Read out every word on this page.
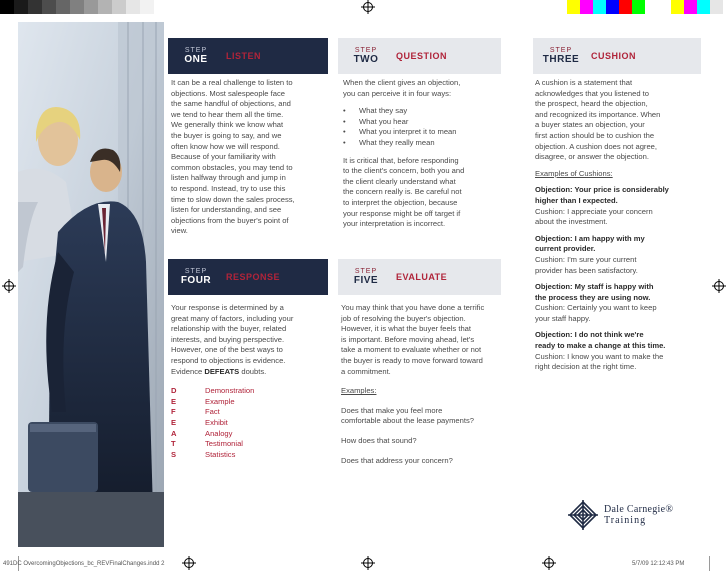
STEP
ONE	LISTEN

It can be a real challenge to listen to

objections. Most salespeople face

the same handful of objections, and

we tend to hear them all the time.

We generally think we know what

the buyer is going to say, and we

often know how we will respond.

Because of your familiarity with

common obstacles, you may tend to

listen halfway through and jump in

to respond. Instead, try to use this

time to slow down the sales process,

listen for understanding, and see

objections from the buyer's point of

view.

STEP
TWO	QUESTION

When the client gives an objection,

you can perceive it in four ways:

•	What they say
•	What you hear
•	What you interpret it to mean
•	What they really mean

It is critical that, before responding

to the client's concern, both you and

the client clearly understand what

the concern really is. Be careful not

to interpret the objection, because

your response might be off target if

your interpretation is incorrect.

STEP
THREE	CUSHION

A cushion is a statement that

acknowledges that you listened to

the prospect, heard the objection,

and recognized its importance. When

a buyer states an objection, your

first action should be to cushion the

objection. A cushion does not agree,

disagree, or answer the objection.

Examples of Cushions:

Objection: Your price is considerably

higher than I expected.

Cushion: I appreciate your concern

about the investment.

Objection: I am happy with my

current provider.

Cushion: I'm sure your current

provider has been satisfactory.

Objection: My staff is happy with

the process they are using now.

Cushion: Certainly you want to keep

your staff happy.

Objection: I do not think we're

ready to make a change at this time.

Cushion: I know you want to make the

right decision at the right time.

STEP
FOUR	RESPONSE

Your response is determined by a

great many of factors, including your

relationship with the buyer, related

interests, and buying perspective.

However, one of the best ways to

respond to objections is evidence.

Evidence DEFEATS doubts.

D	Demonstration
E	Example
F	Fact
E	Exhibit
A	Analogy
T	Testimonial
S	Statistics
STEP
FIVE	EVALUATE

You may think that you have done a terrific

job of resolving the buyer's objection.

However, it is what the buyer feels that

is important. Before moving ahead, let's

take a moment to evaluate whether or not

the buyer is ready to move forward toward

a commitment.

Examples:

Does that make you feel more

comfortable about the lease payments?

How does that sound?

Does that address your concern?

Dale Carnegie®
Training
491DC OvercomingObjections_bc_REVFinalChanges.indd 2	5/7/09 12:12:43 PM
